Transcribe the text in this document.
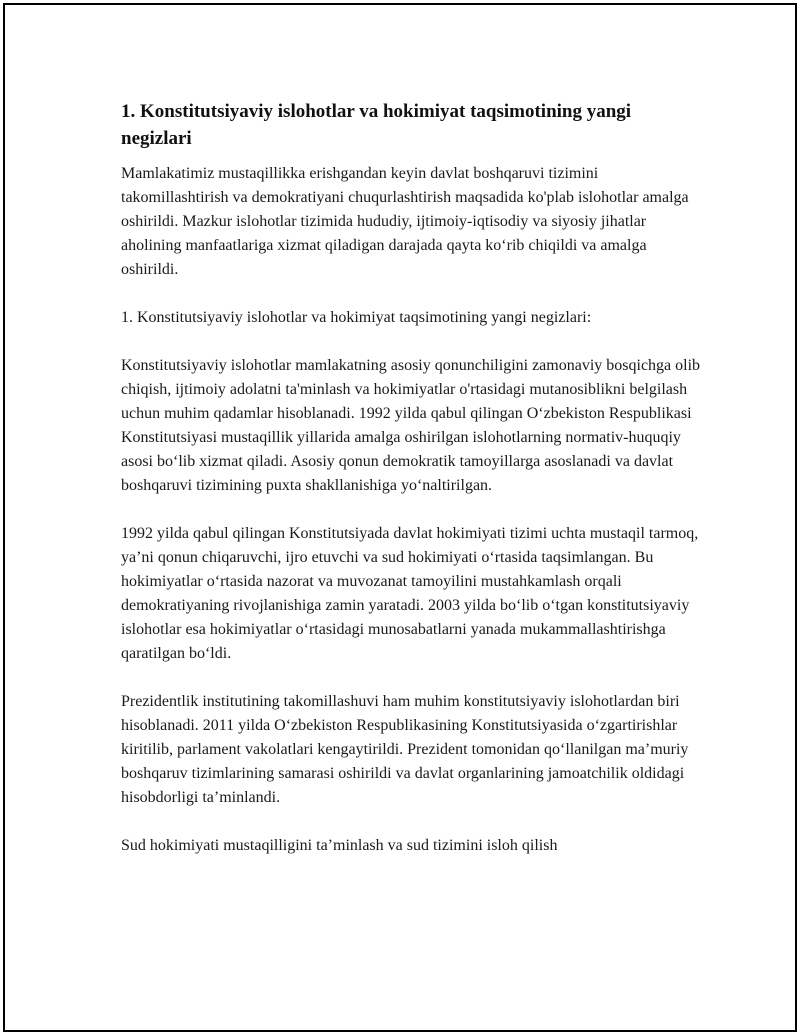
1. Konstitutsiyaviy islohotlar va hokimiyat taqsimotining yangi negizlari

Mamlakatimiz mustaqillikka erishgandan keyin davlat boshqaruvi tizimini takomillashtirish va demokratiyani chuqurlashtirish maqsadida ko'plab islohotlar amalga oshirildi. Mazkur islohotlar tizimida hududiy, ijtimoiy-iqtisodiy va siyosiy jihatlar aholining manfaatlariga xizmat qiladigan darajada qayta koʻrib chiqildi va amalga oshirildi.

1. Konstitutsiyaviy islohotlar va hokimiyat taqsimotining yangi negizlari:

Konstitutsiyaviy islohotlar mamlakatning asosiy qonunchiligini zamonaviy bosqichga olib chiqish, ijtimoiy adolatni ta'minlash va hokimiyatlar o'rtasidagi mutanosiblikni belgilash uchun muhim qadamlar hisoblanadi. 1992 yilda qabul qilingan Oʻzbekiston Respublikasi Konstitutsiyasi mustaqillik yillarida amalga oshirilgan islohotlarning normativ-huquqiy asosi boʻlib xizmat qiladi. Asosiy qonun demokratik tamoyillarga asoslanadi va davlat boshqaruvi tizimining puxta shakllanishiga yoʻnaltirilgan.

1992 yilda qabul qilingan Konstitutsiyada davlat hokimiyati tizimi uchta mustaqil tarmoq, yaʼni qonun chiqaruvchi, ijro etuvchi va sud hokimiyati oʻrtasida taqsimlangan. Bu hokimiyatlar oʻrtasida nazorat va muvozanat tamoyilini mustahkamlash orqali demokratiyaning rivojlanishiga zamin yaratadi. 2003 yilda boʻlib oʻtgan konstitutsiyaviy islohotlar esa hokimiyatlar oʻrtasidagi munosabatlarni yanada mukammallashtirishga qaratilgan boʻldi.

Prezidentlik institutining takomillashuvi ham muhim konstitutsiyaviy islohotlardan biri hisoblanadi. 2011 yilda Oʻzbekiston Respublikasining Konstitutsiyasida oʻzgartirishlar kiritilib, parlament vakolatlari kengaytirildi. Prezident tomonidan qoʻllanilgan maʼmuriy boshqaruv tizimlarining samarasi oshirildi va davlat organlarining jamoatchilik oldidagi hisobdorligi taʼminlandi.

Sud hokimiyati mustaqilligini taʼminlash va sud tizimini isloh qilish
